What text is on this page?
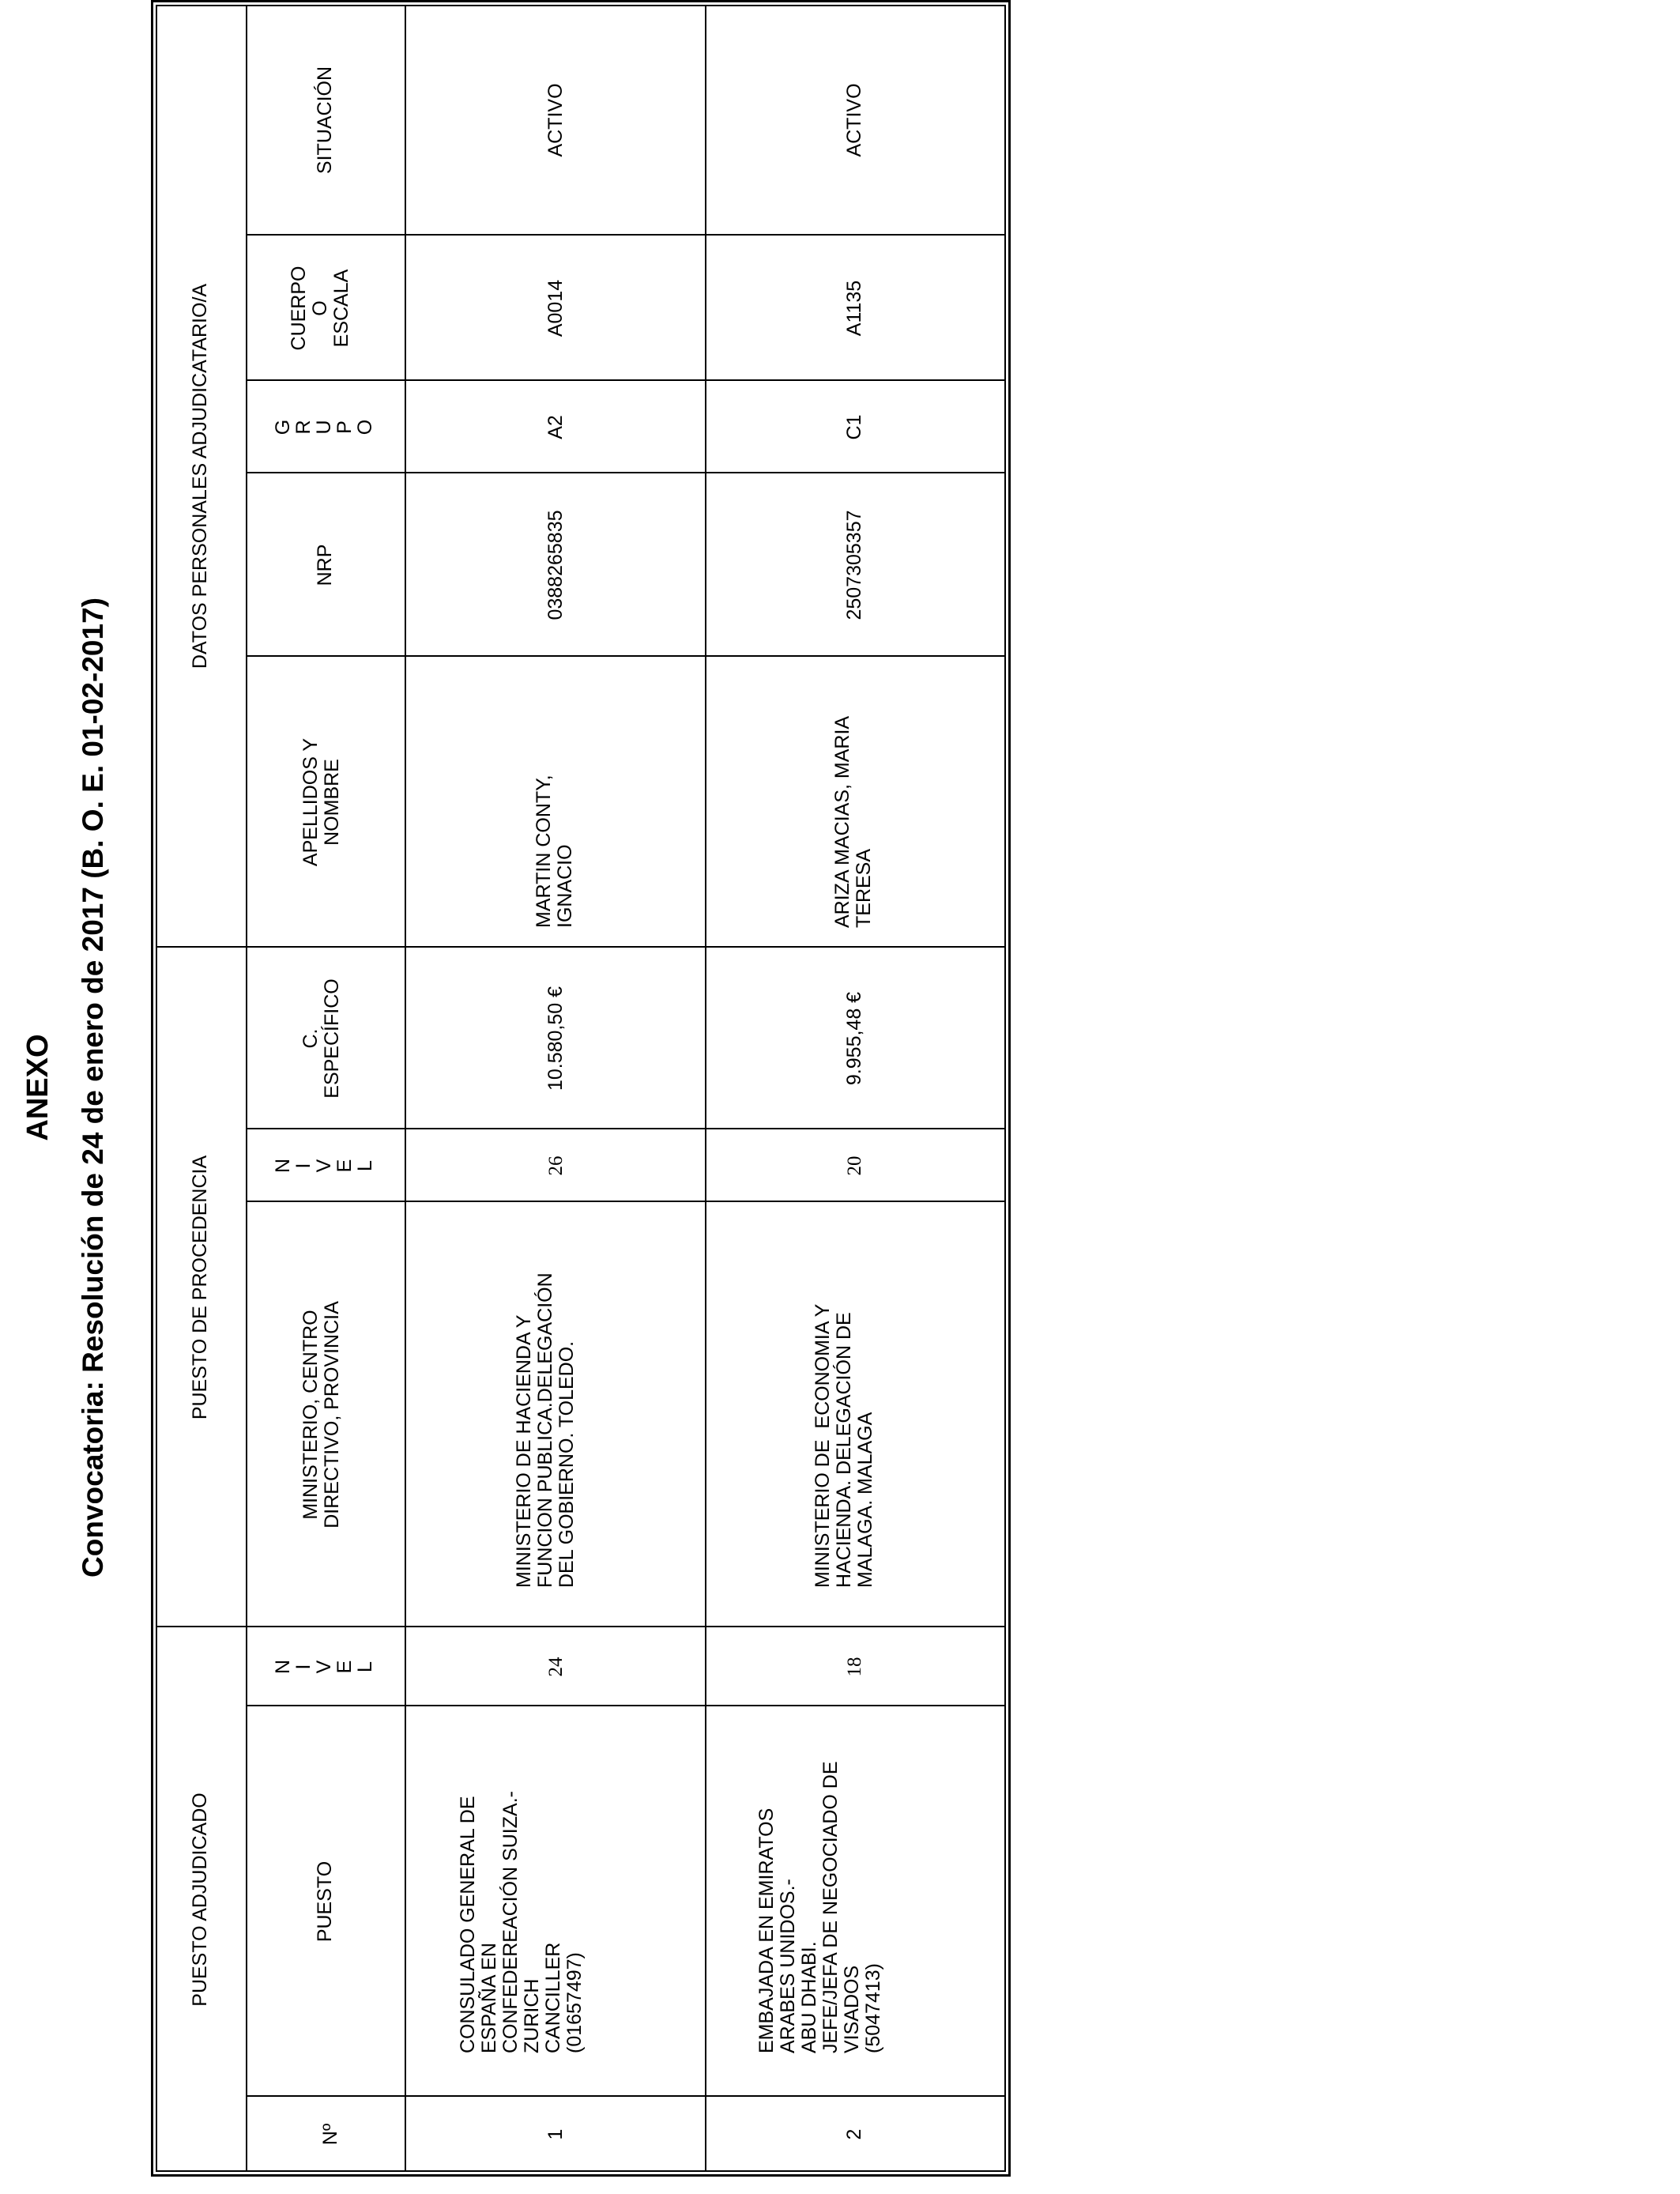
ANEXO Convocatoria: Resolución de 24 de enero de 2017 (B. O. E. 01-02-2017)
PUESTO ADJUDICADO
PUESTO DE PROCEDENCIA
DATOS PERSONALES ADJUDICATARIO/A
Nº
PUESTO
N
I
V
E
L
MINISTERIO, CENTRO
DIRECTIVO, PROVINCIA
N
I
V
E
L
C.
ESPECÍFICO
APELLIDOS Y
NOMBRE
NRP
G
R
U
P
O
CUERPO
O
ESCALA
SITUACIÓN
1
CONSULADO GENERAL DE
ESPAÑA EN
CONFEDEREACIÓN SUIZA.-
ZURICH
CANCILLER
(01657497)
24
MINISTERIO DE HACIENDA Y
FUNCION PUBLICA.DELEGACIÓN
DEL GOBIERNO. TOLEDO.
26
10.580,50 €
MARTIN CONTY,
IGNACIO
0388265835
A2
A0014
ACTIVO
2
EMBAJADA EN EMIRATOS
ARABES UNIDOS.-
ABU DHABI.
JEFE/JEFA DE NEGOCIADO DE
VISADOS
(5047413)
18
MINISTERIO DE  ECONOMIA Y
HACIENDA. DELEGACIÓN DE
MALAGA. MALAGA
20
9.955,48 €
ARIZA MACIAS, MARIA
TERESA
2507305357
C1
A1135
ACTIVO
